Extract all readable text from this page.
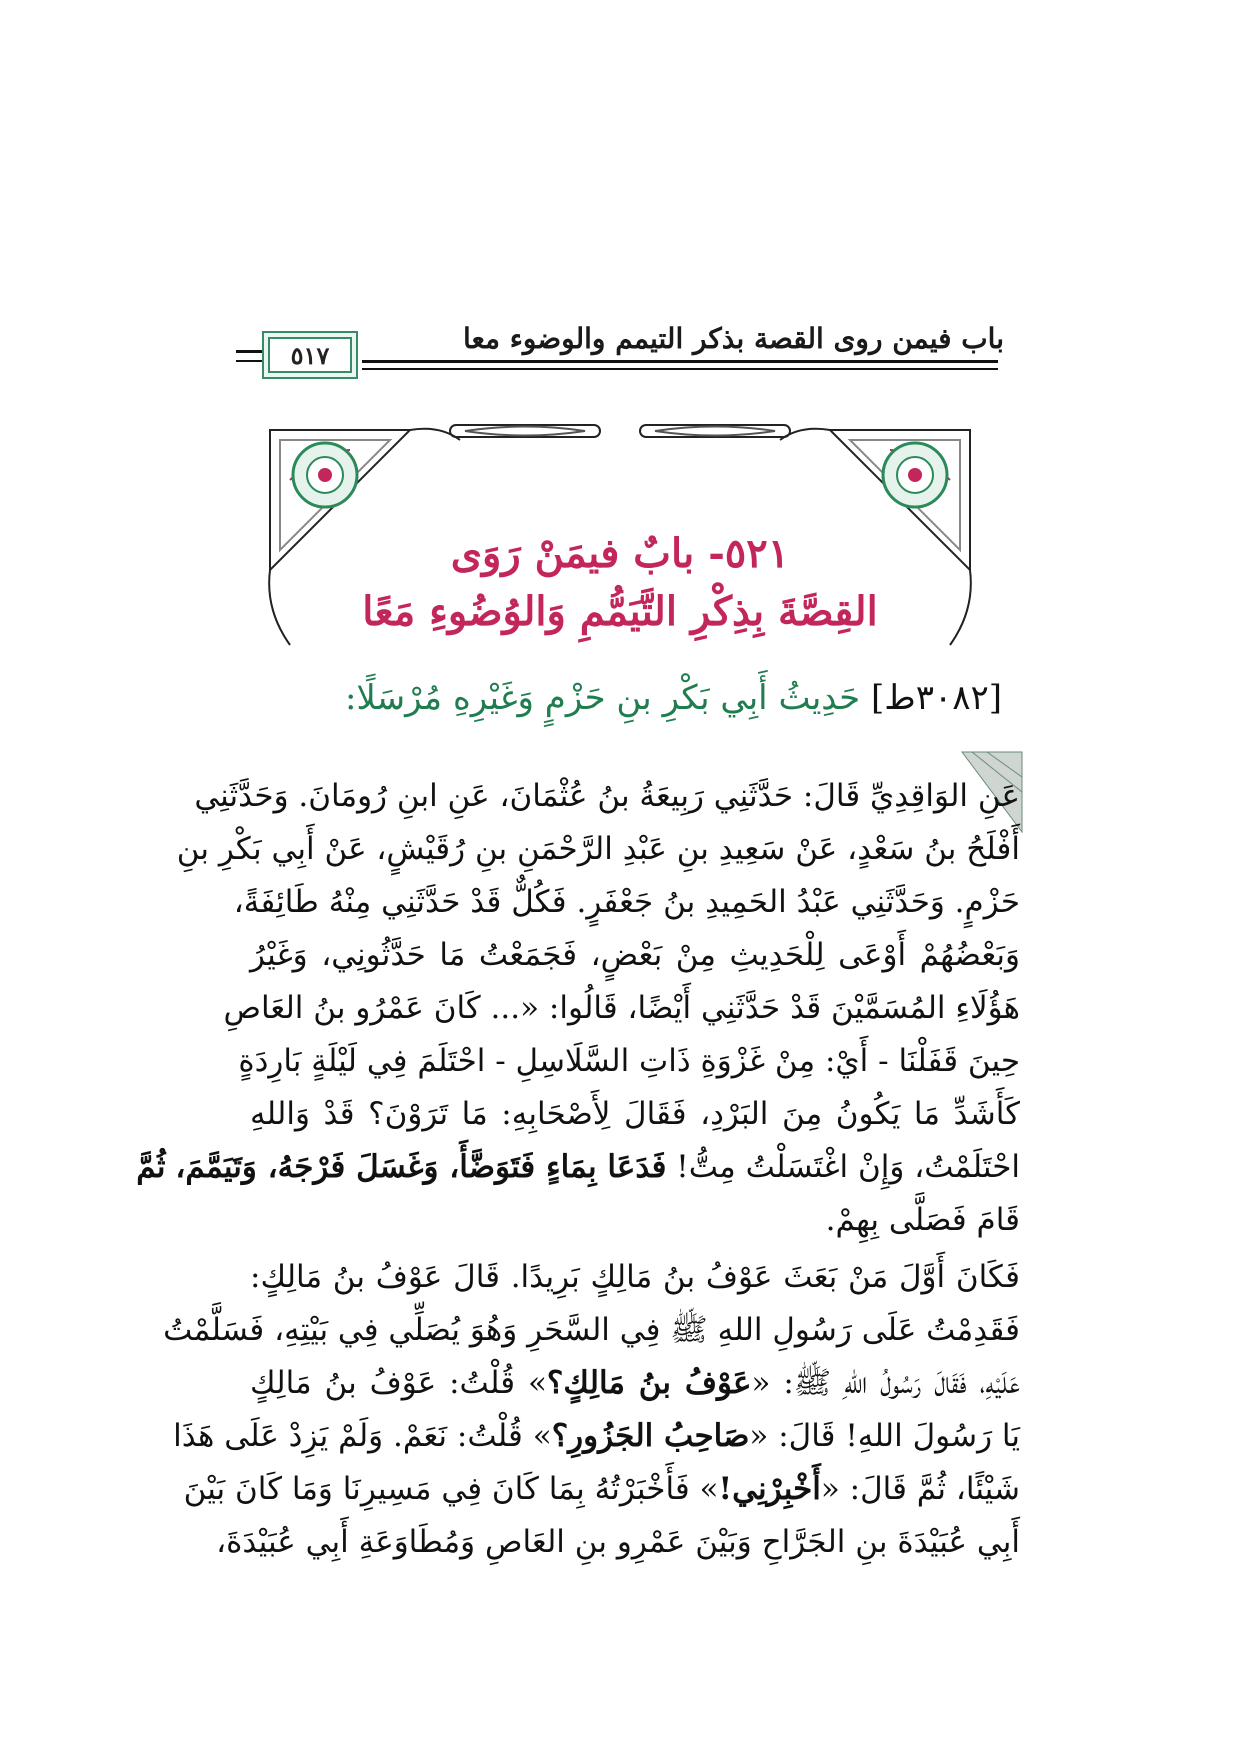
باب فيمن روى القصة بذكر التيمم والوضوء معا
٥١٧
٥٢١- بابٌ فيمَنْ رَوَى
القِصَّةَ بِذِكْرِ التَّيَمُّمِ وَالوُضُوءِ مَعًا
[٣٠٨٢ط] حَدِيثُ أَبِي بَكْرِ بنِ حَزْمٍ وَغَيْرِهِ مُرْسَلًا:
عَنِ الوَاقِدِيِّ قَالَ: حَدَّثَنِي رَبِيعَةُ بنُ عُثْمَانَ، عَنِ ابنِ رُومَانَ. وَحَدَّثَنِي
أَفْلَحُ بنُ سَعْدٍ، عَنْ سَعِيدِ بنِ عَبْدِ الرَّحْمَنِ بنِ رُقَيْشٍ، عَنْ أَبِي بَكْرِ بنِ
حَزْمٍ. وَحَدَّثَنِي عَبْدُ الحَمِيدِ بنُ جَعْفَرٍ. فَكُلٌّ قَدْ حَدَّثَنِي مِنْهُ طَائِفَةً،
وَبَعْضُهُمْ أَوْعَى لِلْحَدِيثِ مِنْ بَعْضٍ، فَجَمَعْتُ مَا حَدَّثُونِي، وَغَيْرُ
هَؤُلَاءِ المُسَمَّيْنَ قَدْ حَدَّثَنِي أَيْضًا، قَالُوا: «... كَانَ عَمْرُو بنُ العَاصِ
حِينَ قَفَلْنَا - أَيْ: مِنْ غَزْوَةِ ذَاتِ السَّلَاسِلِ - احْتَلَمَ فِي لَيْلَةٍ بَارِدَةٍ
كَأَشَدِّ مَا يَكُونُ مِنَ البَرْدِ، فَقَالَ لِأَصْحَابِهِ: مَا تَرَوْنَ؟ قَدْ وَاللهِ
احْتَلَمْتُ، وَإِنْ اغْتَسَلْتُ مِتُّ! فَدَعَا بِمَاءٍ فَتَوَضَّأَ، وَغَسَلَ فَرْجَهُ، وَتَيَمَّمَ، ثُمَّ
قَامَ فَصَلَّى بِهِمْ.
فَكَانَ أَوَّلَ مَنْ بَعَثَ عَوْفُ بنُ مَالِكٍ بَرِيدًا. قَالَ عَوْفُ بنُ مَالِكٍ:
فَقَدِمْتُ عَلَى رَسُولِ اللهِ ﷺ فِي السَّحَرِ وَهُوَ يُصَلِّي فِي بَيْتِهِ، فَسَلَّمْتُ
عَلَيْهِ، فَقَالَ رَسُولُ اللهِ ﷺ: «عَوْفُ بنُ مَالِكٍ؟» قُلْتُ: عَوْفُ بنُ مَالِكٍ
يَا رَسُولَ اللهِ! قَالَ: «صَاحِبُ الجَزُورِ؟» قُلْتُ: نَعَمْ. وَلَمْ يَزِدْ عَلَى هَذَا
شَيْئًا، ثُمَّ قَالَ: «أَخْبِرْنِي!» فَأَخْبَرْتُهُ بِمَا كَانَ فِي مَسِيرِنَا وَمَا كَانَ بَيْنَ
أَبِي عُبَيْدَةَ بنِ الجَرَّاحِ وَبَيْنَ عَمْرِو بنِ العَاصِ وَمُطَاوَعَةِ أَبِي عُبَيْدَةَ،
